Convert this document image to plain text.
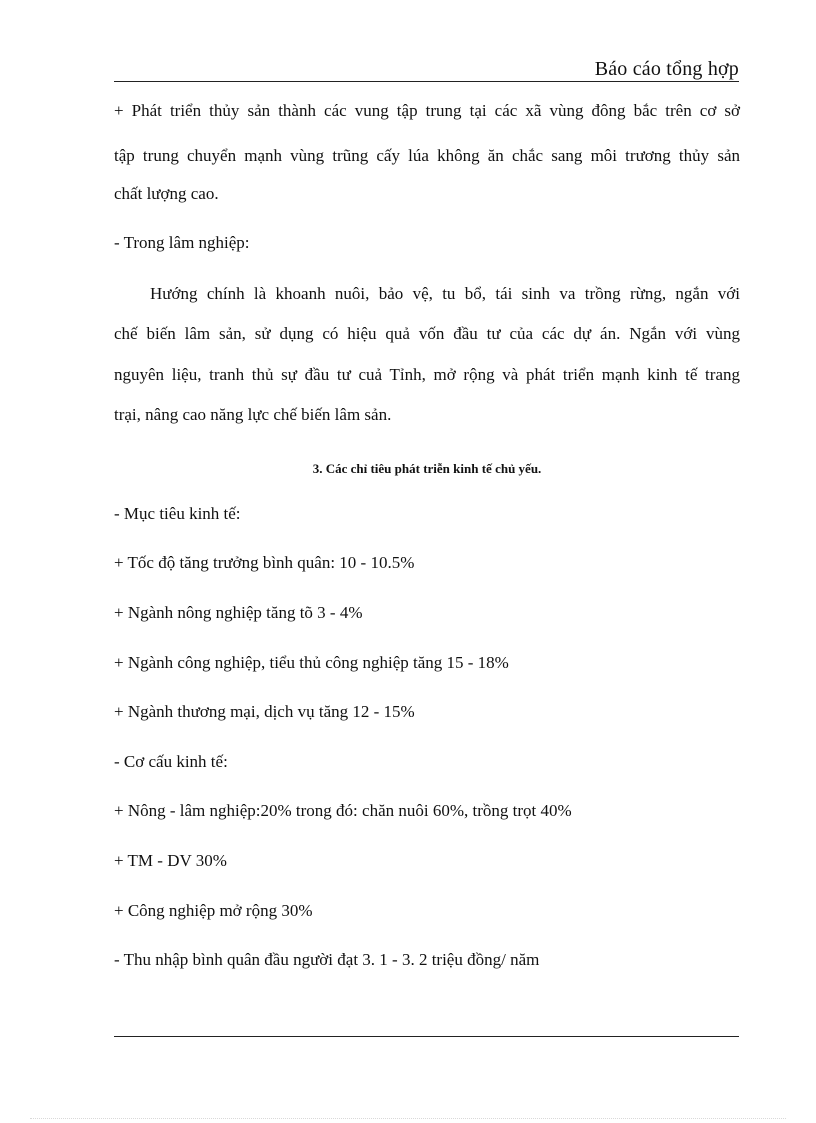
Báo cáo tổng hợp
+ Phát triển thủy sản thành các vung tập trung tại các xã vùng đông bắc trên cơ sở
tập trung chuyển mạnh vùng trũng cấy lúa không ăn chắc sang môi trương thủy sản
chất lượng cao.
- Trong lâm nghiệp:
Hướng chính là khoanh nuôi, bảo vệ, tu bổ, tái sinh va trồng rừng, ngắn với
chế biến lâm sản, sử dụng có hiệu quả vốn đầu tư của các dự án. Ngắn với vùng
nguyên liệu, tranh thủ sự đầu tư cuả Tỉnh, mở rộng và phát triển mạnh kinh tế trang
trại, nâng cao năng lực chế biến lâm sản.
3. Các chỉ tiêu phát triễn kinh tế chủ yếu.
- Mục tiêu kinh tế:
+ Tốc độ tăng trưởng bình quân: 10 - 10.5%
+ Ngành nông nghiệp tăng tõ 3 - 4%
+ Ngành công nghiệp, tiểu thủ công nghiệp tăng 15 - 18%
+ Ngành thương mại, dịch vụ tăng 12 - 15%
- Cơ cấu kinh tế:
+ Nông - lâm nghiệp:20% trong đó: chăn nuôi 60%, trồng trọt 40%
+ TM - DV 30%
+ Công nghiệp mở rộng 30%
- Thu nhập bình quân đầu người đạt 3. 1 - 3. 2 triệu đồng/ năm
